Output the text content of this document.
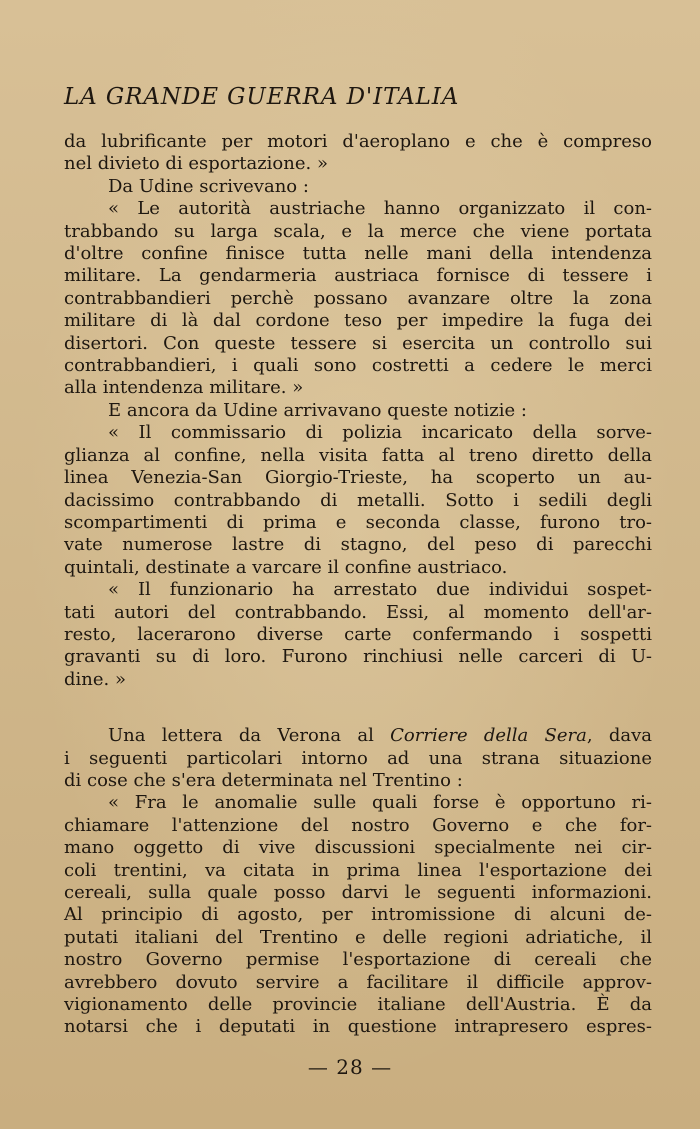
LA GRANDE GUERRA D'ITALIA
da lubrificante per motori d'aeroplano e che è compreso
nel divieto di esportazione. »
Da Udine scrivevano :
« Le autorità austriache hanno organizzato il con-
trabbando su larga scala, e la merce che viene portata
d'oltre confine finisce tutta nelle mani della intendenza
militare. La gendarmeria austriaca fornisce di tessere i
contrabbandieri perchè possano avanzare oltre la zona
militare di là dal cordone teso per impedire la fuga dei
disertori. Con queste tessere si esercita un controllo sui
contrabbandieri, i quali sono costretti a cedere le merci
alla intendenza militare. »
E ancora da Udine arrivavano queste notizie :
« Il commissario di polizia incaricato della sorve-
glianza al confine, nella visita fatta al treno diretto della
linea Venezia-San Giorgio-Trieste, ha scoperto un au-
dacissimo contrabbando di metalli. Sotto i sedili degli
scompartimenti di prima e seconda classe, furono tro-
vate numerose lastre di stagno, del peso di parecchi
quintali, destinate a varcare il confine austriaco.
« Il funzionario ha arrestato due individui sospet-
tati autori del contrabbando. Essi, al momento dell'ar-
resto, lacerarono diverse carte confermando i sospetti
gravanti su di loro. Furono rinchiusi nelle carceri di U-
dine. »
Una lettera da Verona al Corriere della Sera, dava
i seguenti particolari intorno ad una strana situazione
di cose che s'era determinata nel Trentino :
« Fra le anomalie sulle quali forse è opportuno ri-
chiamare l'attenzione del nostro Governo e che for-
mano oggetto di vive discussioni specialmente nei cir-
coli trentini, va citata in prima linea l'esportazione dei
cereali, sulla quale posso darvi le seguenti informazioni.
Al principio di agosto, per intromissione di alcuni de-
putati italiani del Trentino e delle regioni adriatiche, il
nostro Governo permise l'esportazione di cereali che
avrebbero dovuto servire a facilitare il difficile approv-
vigionamento delle provincie italiane dell'Austria. È da
notarsi che i deputati in questione intrapresero espres-
— 28 —
